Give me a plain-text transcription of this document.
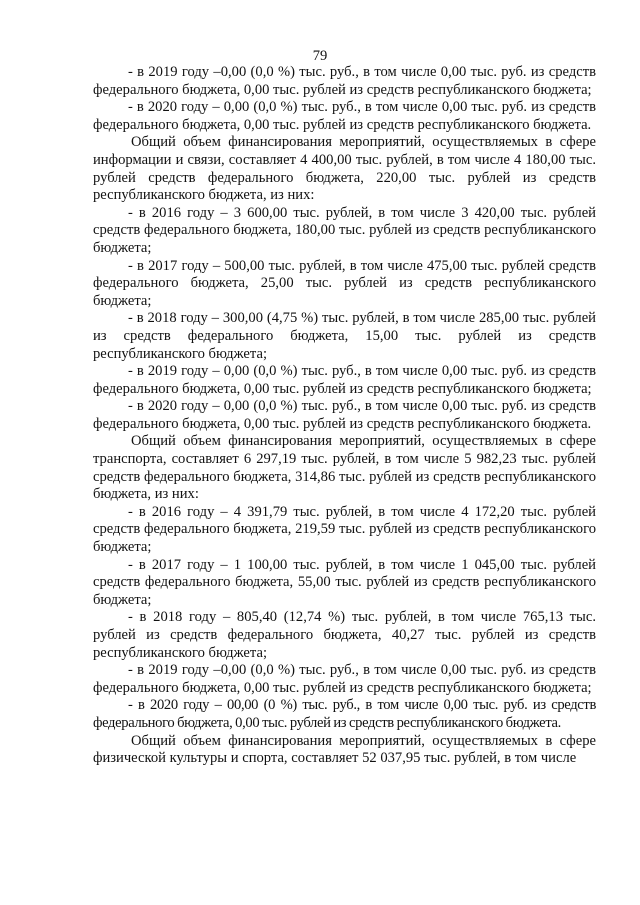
79

- в 2019 году –0,00 (0,0 %) тыс. руб., в том числе 0,00 тыс. руб. из средств федерального бюджета, 0,00 тыс. рублей из средств республиканского бюджета;

- в 2020 году – 0,00 (0,0 %) тыс. руб., в том числе 0,00 тыс. руб. из средств федерального бюджета, 0,00 тыс. рублей из средств республиканского бюджета.

Общий объем финансирования мероприятий, осуществляемых в сфере информации и связи, составляет 4 400,00 тыс. рублей, в том числе 4 180,00 тыс. рублей средств федерального бюджета, 220,00 тыс. рублей из средств республиканского бюджета, из них:

- в 2016 году – 3 600,00 тыс. рублей, в том числе 3 420,00 тыс. рублей средств федерального бюджета, 180,00 тыс. рублей из средств республиканского бюджета;

- в 2017 году – 500,00 тыс. рублей, в том числе 475,00 тыс. рублей средств федерального бюджета, 25,00 тыс. рублей из средств республиканского бюджета;

- в 2018 году – 300,00 (4,75 %) тыс. рублей, в том числе 285,00 тыс. рублей из средств федерального бюджета, 15,00 тыс. рублей из средств республиканского бюджета;

- в 2019 году – 0,00 (0,0 %) тыс. руб., в том числе 0,00 тыс. руб. из средств федерального бюджета, 0,00 тыс. рублей из средств республиканского бюджета;

- в 2020 году – 0,00 (0,0 %) тыс. руб., в том числе 0,00 тыс. руб. из средств федерального бюджета, 0,00 тыс. рублей из средств республиканского бюджета.

Общий объем финансирования мероприятий, осуществляемых в сфере транспорта, составляет 6 297,19 тыс. рублей, в том числе 5 982,23 тыс. рублей средств федерального бюджета, 314,86 тыс. рублей из средств республиканского бюджета, из них:

- в 2016 году – 4 391,79 тыс. рублей, в том числе 4 172,20 тыс. рублей средств федерального бюджета, 219,59 тыс. рублей из средств республиканского бюджета;

- в 2017 году – 1 100,00 тыс. рублей, в том числе 1 045,00 тыс. рублей средств федерального бюджета, 55,00 тыс. рублей из средств республиканского бюджета;

- в 2018 году – 805,40 (12,74 %) тыс. рублей, в том числе 765,13 тыс. рублей из средств федерального бюджета, 40,27 тыс. рублей из средств республиканского бюджета;

- в 2019 году –0,00 (0,0 %) тыс. руб., в том числе 0,00 тыс. руб. из средств федерального бюджета, 0,00 тыс. рублей из средств республиканского бюджета;

- в 2020 году – 00,00 (0 %) тыс. руб., в том числе 0,00 тыс. руб. из средств федерального бюджета, 0,00 тыс. рублей из средств республиканского бюджета.

Общий объем финансирования мероприятий, осуществляемых в сфере физической культуры и спорта, составляет 52 037,95 тыс. рублей, в том числе
